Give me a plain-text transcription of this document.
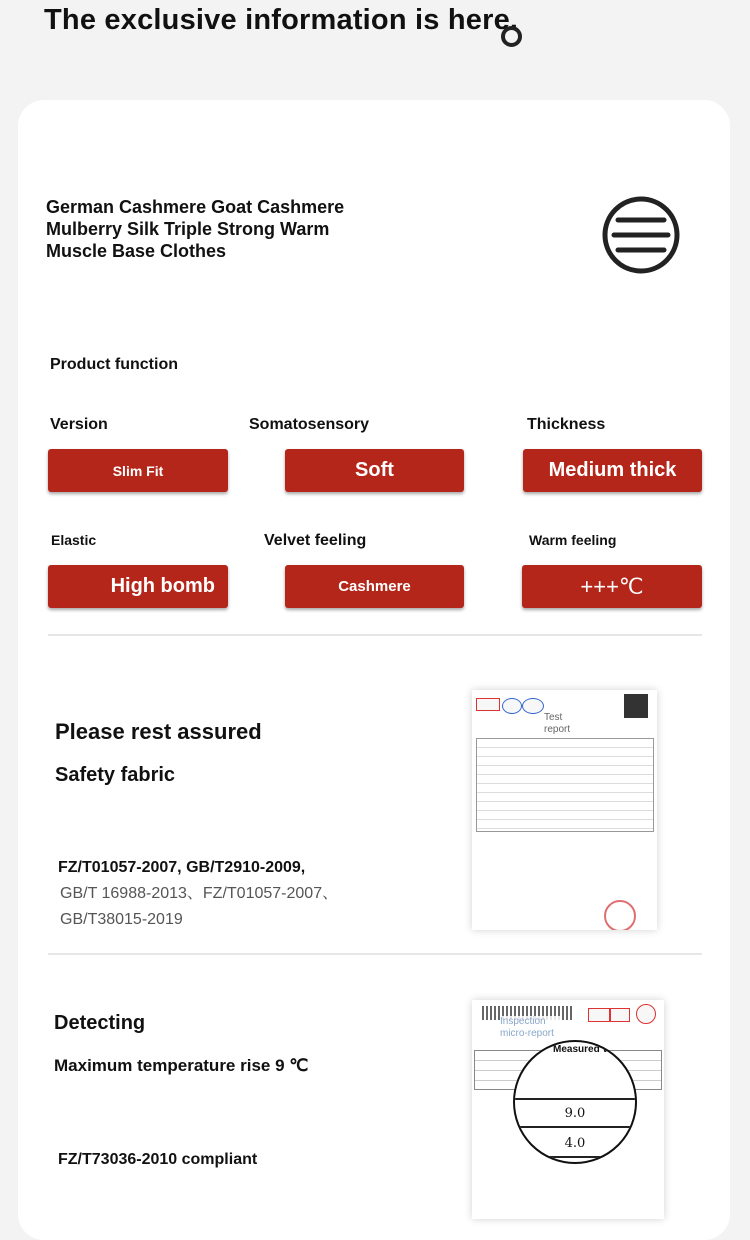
The exclusive information is here.
German Cashmere Goat Cashmere Mulberry Silk Triple Strong Warm Muscle Base Clothes
Product function
Version	Somatosensory	Thickness
Slim Fit	Soft	Medium thick
Elastic	Velvet feeling	Warm feeling
High bomb	Cashmere	+++℃
Please rest assured
Safety fabric
FZ/T01057-2007, GB/T2910-2009,
GB/T 16988-2013、FZ/T01057-2007、GB/T38015-2019
Test report
Detecting
Maximum temperature rise 9 ℃
FZ/T73036-2010 compliant
Inspection micro-report
Measured value
9.0
4.0
